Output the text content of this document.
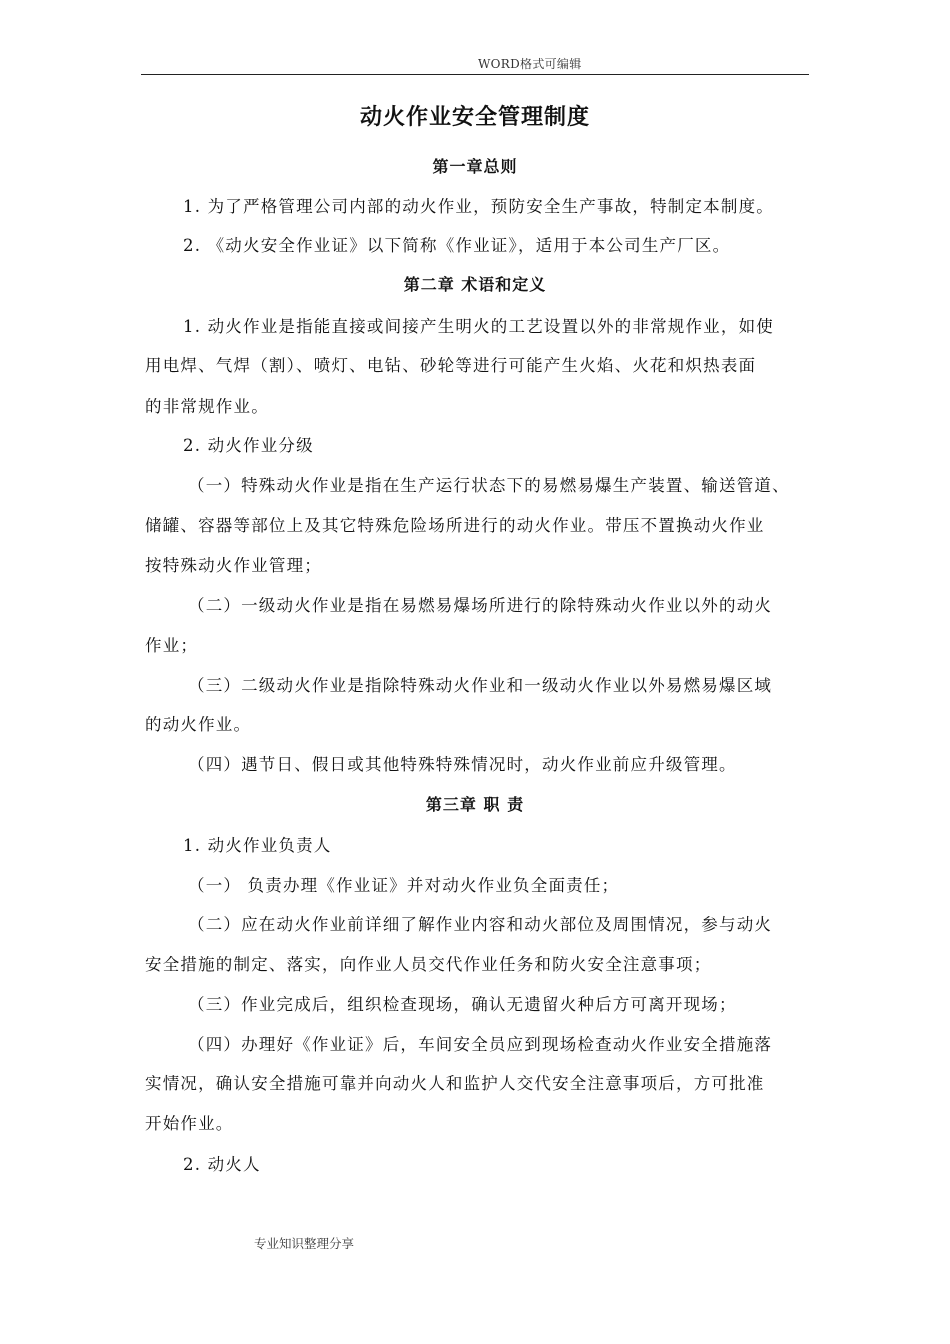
WORD格式可编辑
动火作业安全管理制度
第一章总则
1. 为了严格管理公司内部的动火作业，预防安全生产事故，特制定本制度。
2. 《动火安全作业证》以下简称《作业证》，适用于本公司生产厂区。
第二章 术语和定义
1. 动火作业是指能直接或间接产生明火的工艺设置以外的非常规作业，如使
用电焊、气焊（割）、喷灯、电钻、砂轮等进行可能产生火焰、火花和炽热表面
的非常规作业。
2. 动火作业分级
（一）特殊动火作业是指在生产运行状态下的易燃易爆生产装置、输送管道、
储罐、容器等部位上及其它特殊危险场所进行的动火作业。带压不置换动火作业
按特殊动火作业管理；
（二）一级动火作业是指在易燃易爆场所进行的除特殊动火作业以外的动火
作业；
（三）二级动火作业是指除特殊动火作业和一级动火作业以外易燃易爆区域
的动火作业。
（四）遇节日、假日或其他特殊特殊情况时，动火作业前应升级管理。
第三章 职 责
1. 动火作业负责人
（一） 负责办理《作业证》并对动火作业负全面责任；
（二）应在动火作业前详细了解作业内容和动火部位及周围情况，参与动火
安全措施的制定、落实，向作业人员交代作业任务和防火安全注意事项；
（三）作业完成后，组织检查现场，确认无遗留火种后方可离开现场；
（四）办理好《作业证》后，车间安全员应到现场检查动火作业安全措施落
实情况，确认安全措施可靠并向动火人和监护人交代安全注意事项后，方可批准
开始作业。
2. 动火人
专业知识整理分享
